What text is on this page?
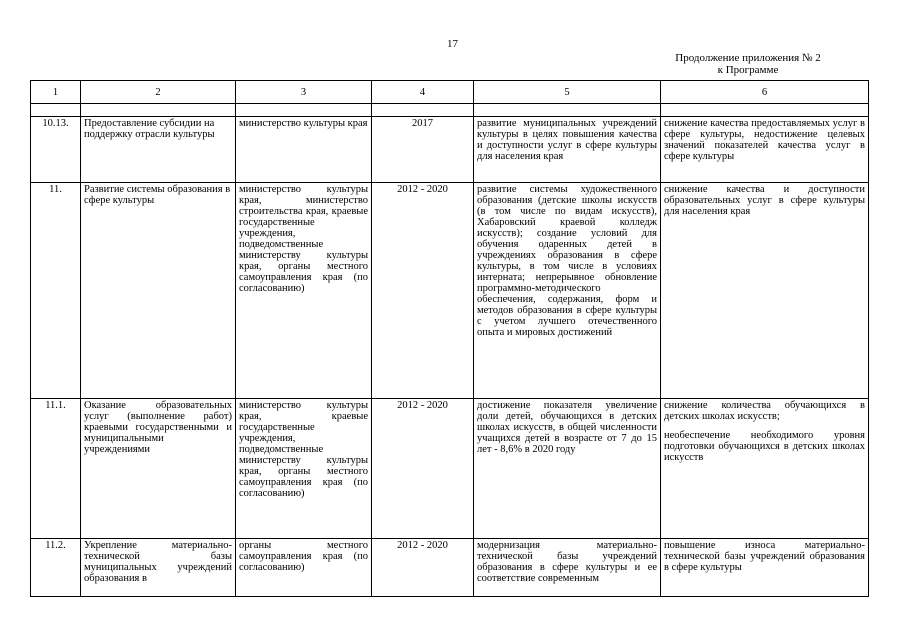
17
Продолжение приложения № 2
к Программе
1	2	3	4	5	6

10.13.	Предоставление субсидии на поддержку отрасли культуры	министерство культуры края	2017	развитие муниципальных учреждений культуры в целях повышения качества и доступности услуг в сфере культуры для населения края	снижение качества предоставляемых услуг в сфере культуры, недостижение целевых значений показателей качества услуг в сфере культуры

11.	Развитие системы образования в сфере культуры	министерство культуры края, министерство строительства края, краевые государственные учреждения, подведомственные министерству культуры края, органы местного самоуправления края (по согласованию)	2012 - 2020	развитие системы художественного образования (детские школы искусств (в том числе по видам искусств), Хабаровский краевой колледж искусств); создание условий для обучения одаренных детей в учреждениях образования в сфере культуры, в том числе в условиях интерната; непрерывное обновление программно-методического обеспечения, содержания, форм и методов образования в сфере культуры с учетом лучшего отечественного опыта и мировых достижений	снижение качества и доступности образовательных услуг в сфере культуры для населения края

11.1.	Оказание образовательных услуг (выполнение работ) краевыми государственными и муниципальными учреждениями	министерство культуры края, краевые государственные учреждения, подведомственные министерству культуры края, органы местного самоуправления края (по согласованию)	2012 - 2020	достижение показателя увеличение доли детей, обучающихся в детских школах искусств, в общей численности учащихся детей в возрасте от 7 до 15 лет - 8,6% в 2020 году	снижение количества обучающихся в детских школах искусств;
необеспечение необходимого уровня подготовки обучающихся в детских школах искусств

11.2.	Укрепление материально-технической базы муниципальных учреждений образования в	органы местного самоуправления края (по согласованию)	2012 - 2020	модернизация материально-технической базы учреждений образования в сфере культуры и ее соответствие современным	повышение износа материально-технической базы учреждений образования в сфере культуры
